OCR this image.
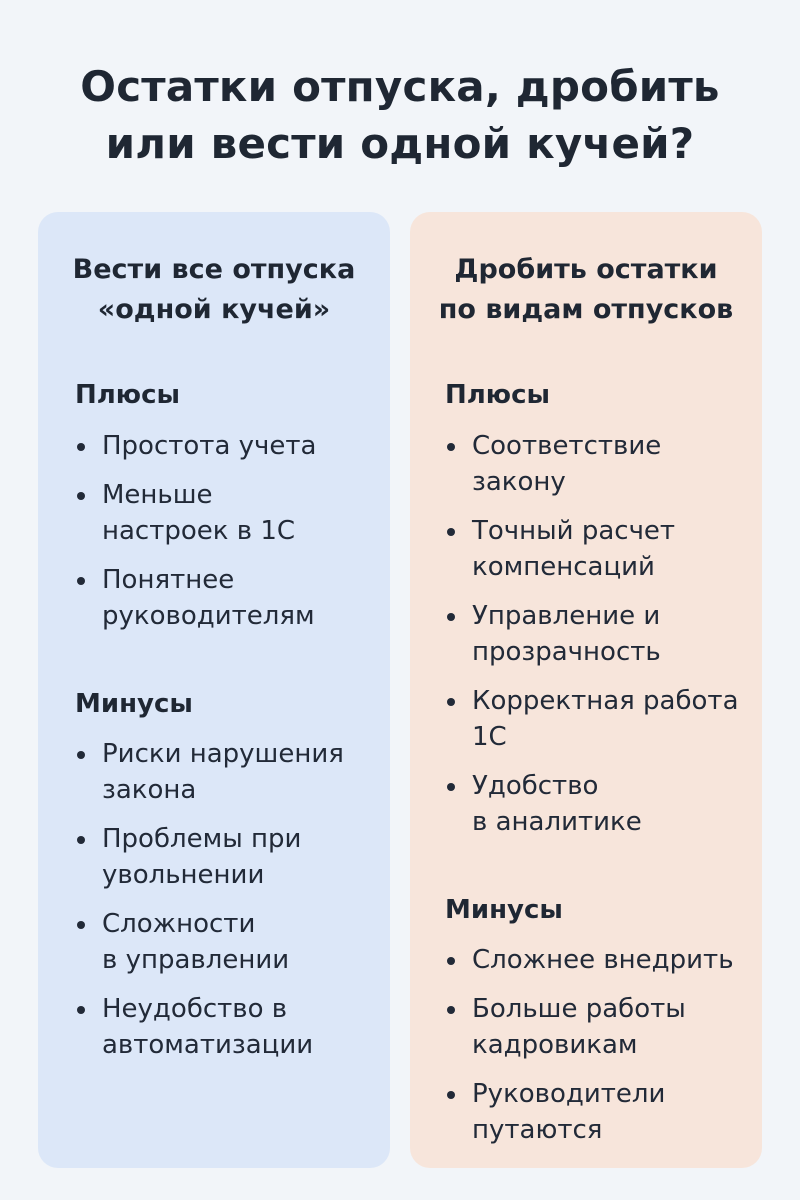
Остатки отпуска, дробить
или вести одной кучей?
Вести все отпуска
«одной кучей»
Плюсы
Простота учета
Меньше
настроек в 1С
Понятнее
руководителям
Минусы
Риски нарушения
закона
Проблемы при
увольнении
Сложности
в управлении
Неудобство в
автоматизации
Дробить остатки
по видам отпусков
Плюсы
Соответствие
закону
Точный расчет
компенсаций
Управление и
прозрачность
Корректная работа
1С
Удобство
в аналитике
Минусы
Сложнее внедрить
Больше работы
кадровикам
Руководители
путаются
